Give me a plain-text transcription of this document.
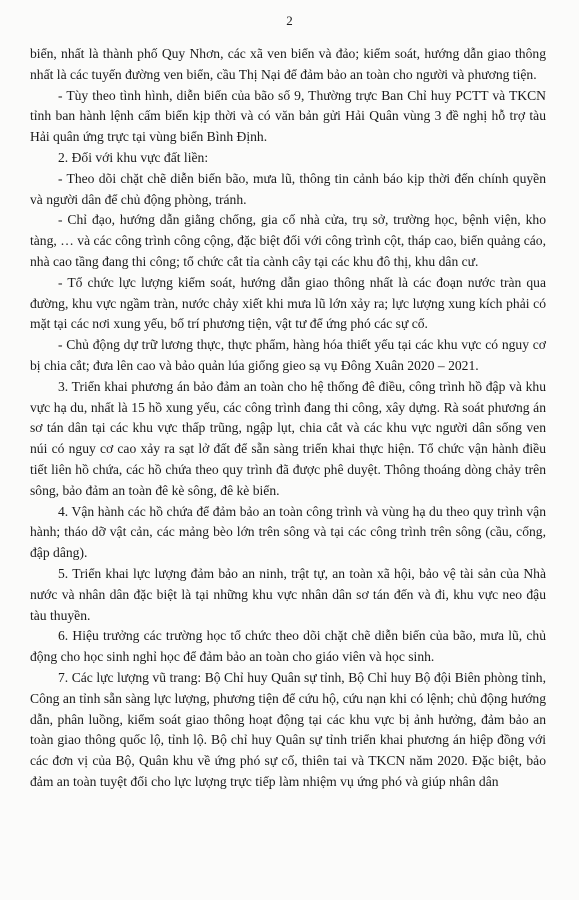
2

biển, nhất là thành phố Quy Nhơn, các xã ven biển và đảo; kiểm soát, hướng dẫn giao thông nhất là các tuyến đường ven biển, cầu Thị Nại để đảm bảo an toàn cho người và phương tiện.

- Tùy theo tình hình, diễn biến của bão số 9, Thường trực Ban Chỉ huy PCTT và TKCN tỉnh ban hành lệnh cấm biển kịp thời và có văn bản gửi Hải Quân vùng 3 đề nghị hỗ trợ tàu Hải quân ứng trực tại vùng biển Bình Định.

2. Đối với khu vực đất liền:

- Theo dõi chặt chẽ diễn biến bão, mưa lũ, thông tin cảnh báo kịp thời đến chính quyền và người dân để chủ động phòng, tránh.

- Chỉ đạo, hướng dẫn giằng chống, gia cố nhà cửa, trụ sở, trường học, bệnh viện, kho tàng, … và các công trình công cộng, đặc biệt đối với công trình cột, tháp cao, biển quảng cáo, nhà cao tầng đang thi công; tổ chức cắt tỉa cành cây tại các khu đô thị, khu dân cư.

- Tổ chức lực lượng kiểm soát, hướng dẫn giao thông nhất là các đoạn nước tràn qua đường, khu vực ngầm tràn, nước chảy xiết khi mưa lũ lớn xảy ra; lực lượng xung kích phải có mặt tại các nơi xung yếu, bố trí phương tiện, vật tư để ứng phó các sự cố.

- Chủ động dự trữ lương thực, thực phẩm, hàng hóa thiết yếu tại các khu vực có nguy cơ bị chia cắt; đưa lên cao và bảo quản lúa giống gieo sạ vụ Đông Xuân 2020 – 2021.

3. Triển khai phương án bảo đảm an toàn cho hệ thống đê điều, công trình hồ đập và khu vực hạ du, nhất là 15 hồ xung yếu, các công trình đang thi công, xây dựng. Rà soát phương án sơ tán dân tại các khu vực thấp trũng, ngập lụt, chia cắt và các khu vực người dân sống ven núi có nguy cơ cao xảy ra sạt lở đất để sẵn sàng triển khai thực hiện. Tổ chức vận hành điều tiết liên hồ chứa, các hồ chứa theo quy trình đã được phê duyệt. Thông thoáng dòng chảy trên sông, bảo đảm an toàn đê kè sông, đê kè biển.

4. Vận hành các hồ chứa để đảm bảo an toàn công trình và vùng hạ du theo quy trình vận hành; tháo dỡ vật cản, các mảng bèo lớn trên sông và tại các công trình trên sông (cầu, cống, đập dâng).

5. Triển khai lực lượng đảm bảo an ninh, trật tự, an toàn xã hội, bảo vệ tài sản của Nhà nước và nhân dân đặc biệt là tại những khu vực nhân dân sơ tán đến và đi, khu vực neo đậu tàu thuyền.

6. Hiệu trưởng các trường học tổ chức theo dõi chặt chẽ diễn biến của bão, mưa lũ, chủ động cho học sinh nghỉ học để đảm bảo an toàn cho giáo viên và học sinh.

7. Các lực lượng vũ trang: Bộ Chỉ huy Quân sự tỉnh, Bộ Chỉ huy Bộ đội Biên phòng tỉnh, Công an tỉnh sẵn sàng lực lượng, phương tiện để cứu hộ, cứu nạn khi có lệnh; chủ động hướng dẫn, phân luồng, kiểm soát giao thông hoạt động tại các khu vực bị ảnh hưởng, đảm bảo an toàn giao thông quốc lộ, tỉnh lộ. Bộ chỉ huy Quân sự tỉnh triển khai phương án hiệp đồng với các đơn vị của Bộ, Quân khu về ứng phó sự cố, thiên tai và TKCN năm 2020. Đặc biệt, bảo đảm an toàn tuyệt đối cho lực lượng trực tiếp làm nhiệm vụ ứng phó và giúp nhân dân
